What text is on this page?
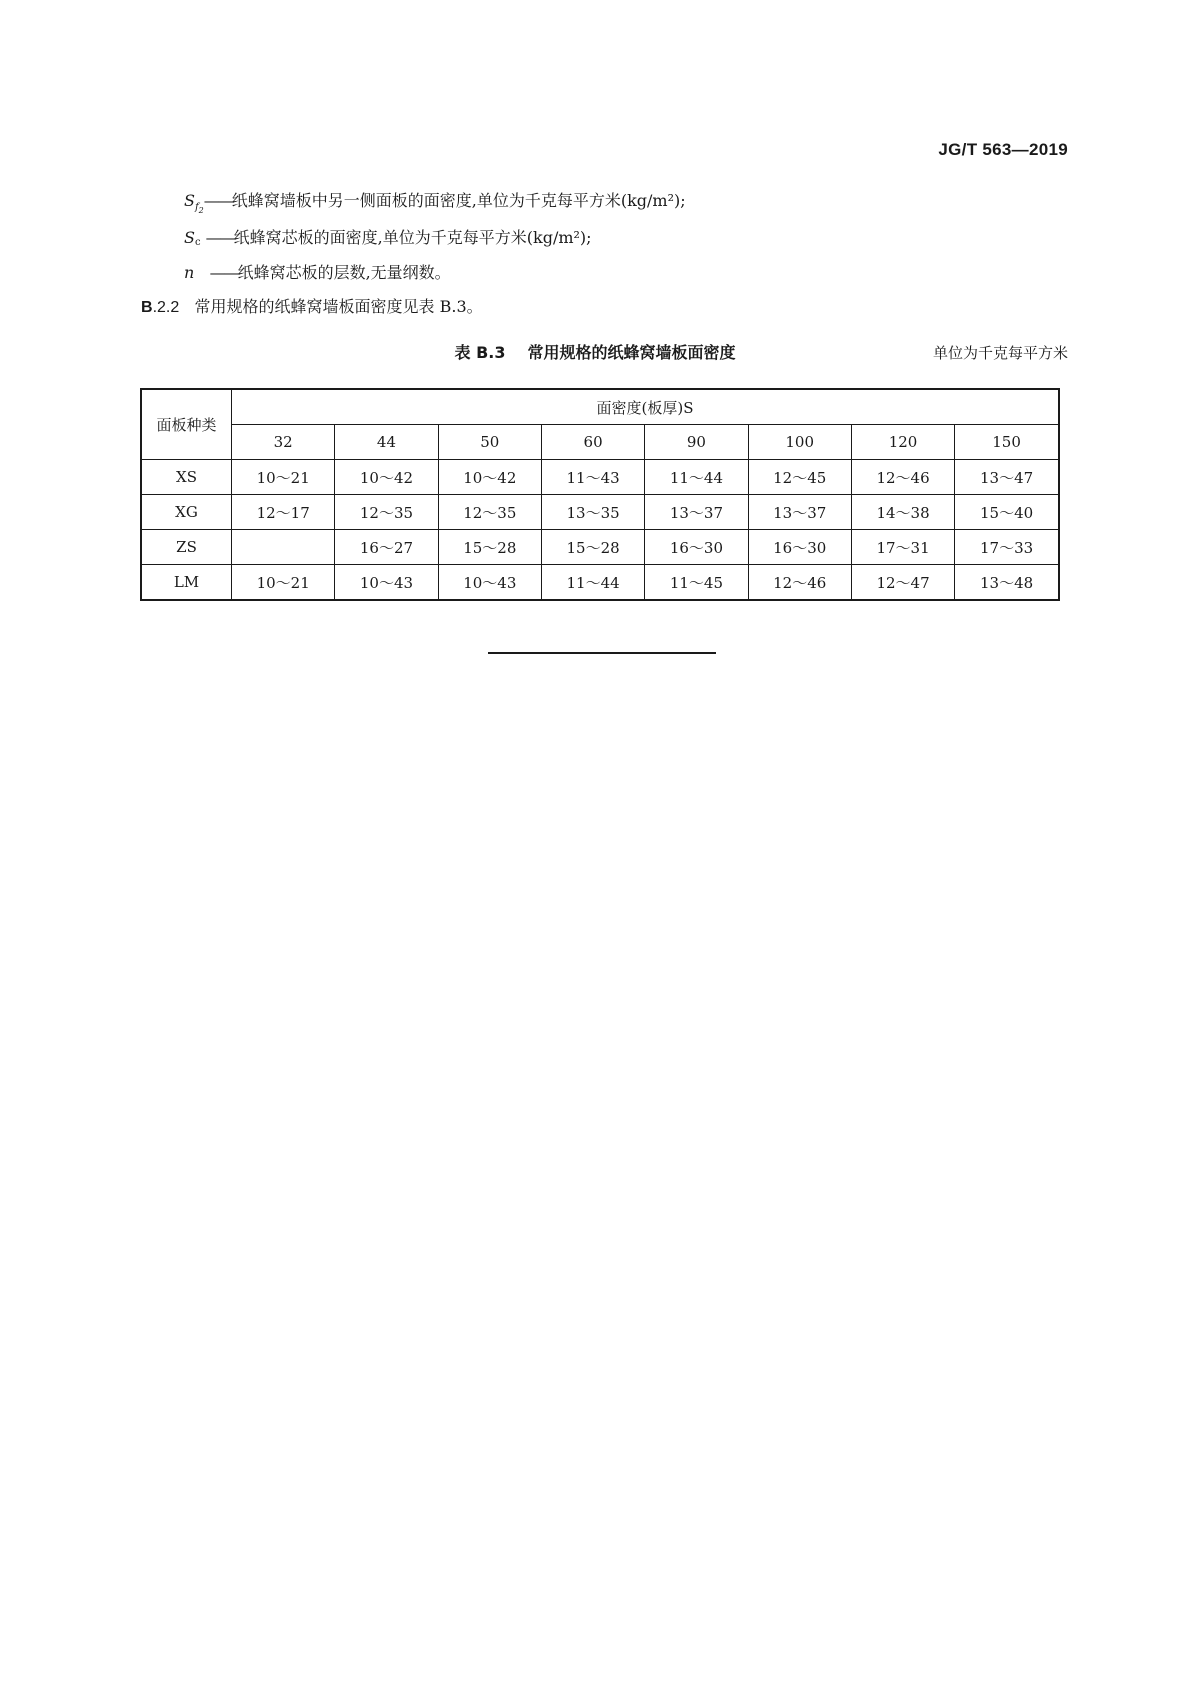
JG/T 563—2019
$S_{f_2}——$纸蜂窝墙板中另一侧面板的面密度,单位为千克每平方米(kg/m²);
Sc ——纸蜂窝芯板的面密度,单位为千克每平方米(kg/m²);
n ——纸蜂窝芯板的层数,无量纲数。
B.2.2 常用规格的纸蜂窝墙板面密度见表 B.3。
表 B.3 常用规格的纸蜂窝墙板面密度	单位为千克每平方米
面板种类	面密度(板厚)S							
	32	44	50	60	90	100	120	150
XS	10～21	10～42	10～42	11～43	11～44	12～45	12～46	13～47
XG	12～17	12～35	12～35	13～35	13～37	13～37	14～38	15～40
ZS		16～27	15～28	15～28	16～30	16～30	17～31	17～33
LM	10～21	10～43	10～43	11～44	11～45	12～46	12～47	13～48
